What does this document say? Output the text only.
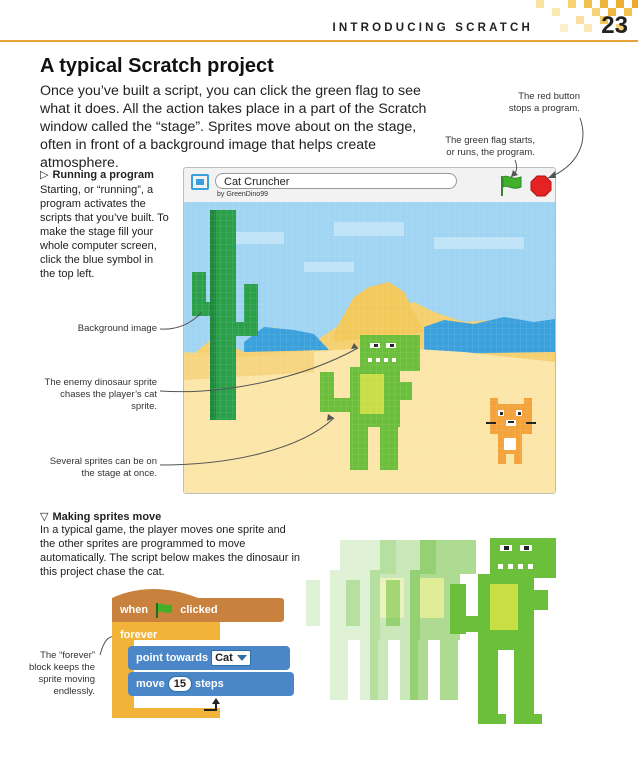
INTRODUCING SCRATCH	23
A typical Scratch project
Once you’ve built a script, you can click the green flag to see what it does. All the action takes place in a part of the Scratch window called the “stage”. Sprites move about on the stage, often in front of a background image that helps create atmosphere.
The red button stops a program.
The green flag starts, or runs, the program.
▷ Running a program
Starting, or “running”, a program activates the scripts that you’ve built. To make the stage fill your whole computer screen, click the blue symbol in the top left.
Background image
The enemy dinosaur sprite chases the player’s cat sprite.
Several sprites can be on the stage at once.
Cat Cruncher
by GreenDino99
▽ Making sprites move
In a typical game, the player moves one sprite and the other sprites are programmed to move automatically. The script below makes the dinosaur in this project chase the cat.
The “forever” block keeps the sprite moving endlessly.
when	clicked
forever
point towards Cat
move 15 steps
